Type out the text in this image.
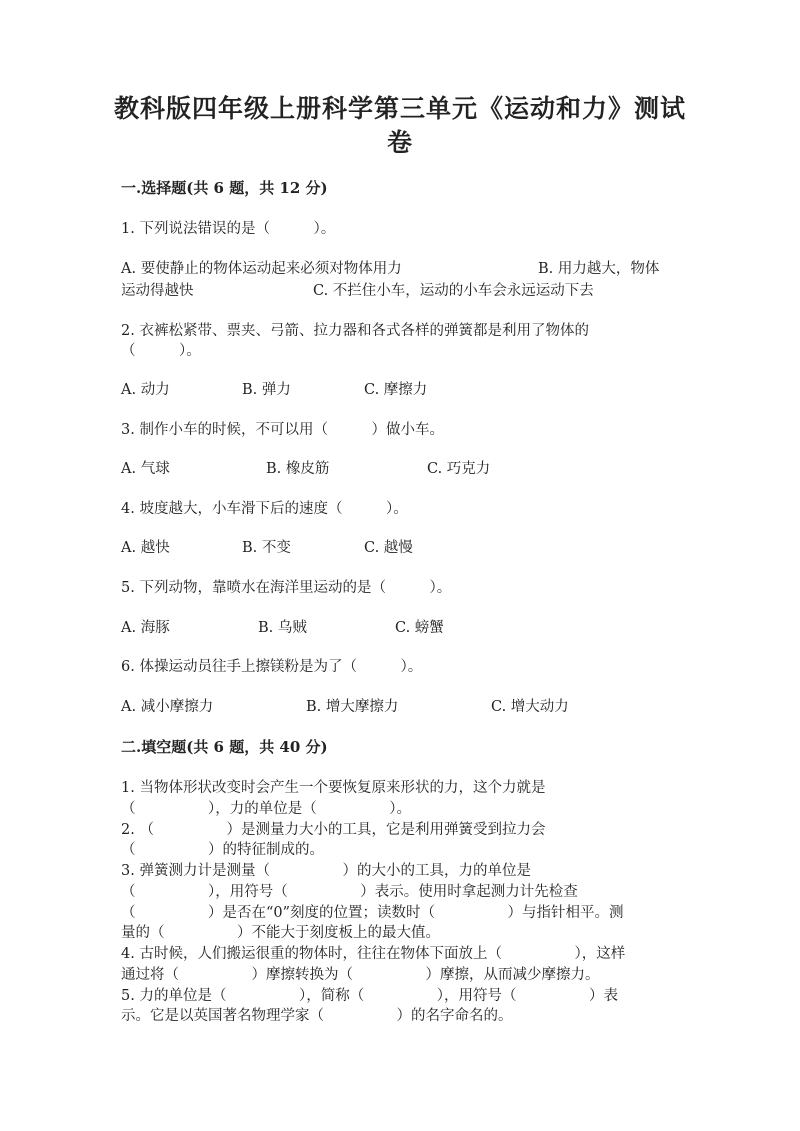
教科版四年级上册科学第三单元《运动和力》测试
卷
一.选择题(共 6 题，共 12 分)
1. 下列说法错误的是（　　　）。
A. 要使静止的物体运动起来必须对物体用力	B. 用力越大，物体
运动得越快	C. 不拦住小车，运动的小车会永远运动下去
2. 衣裤松紧带、票夹、弓箭、拉力器和各式各样的弹簧都是利用了物体的
（　　　）。
A. 动力	B. 弹力	C. 摩擦力
3. 制作小车的时候，不可以用（　　　）做小车。
A. 气球	B. 橡皮筋	C. 巧克力
4. 坡度越大，小车滑下后的速度（　　　）。
A. 越快	B. 不变	C. 越慢
5. 下列动物，靠喷水在海洋里运动的是（　　　）。
A. 海豚	B. 乌贼	C. 螃蟹
6. 体操运动员往手上擦镁粉是为了（　　　）。
A. 减小摩擦力	B. 增大摩擦力	C. 增大动力
二.填空题(共 6 题，共 40 分)
1. 当物体形状改变时会产生一个要恢复原来形状的力，这个力就是
（　　　　　），力的单位是（　　　　　）。
2. （　　　　　）是测量力大小的工具，它是利用弹簧受到拉力会
（　　　　　）的特征制成的。
3. 弹簧测力计是测量（　　　　　）的大小的工具，力的单位是
（　　　　　），用符号（　　　　　）表示。使用时拿起测力计先检查
（　　　　　）是否在“0”刻度的位置；读数时（　　　　　）与指针相平。测
量的（　　　　　）不能大于刻度板上的最大值。
4. 古时候，人们搬运很重的物体时，往往在物体下面放上（　　　　　），这样
通过将（　　　　　）摩擦转换为（　　　　　）摩擦，从而减少摩擦力。
5. 力的单位是（　　　　　），简称（　　　　　），用符号（　　　　　）表
示。它是以英国著名物理学家（　　　　　）的名字命名的。
